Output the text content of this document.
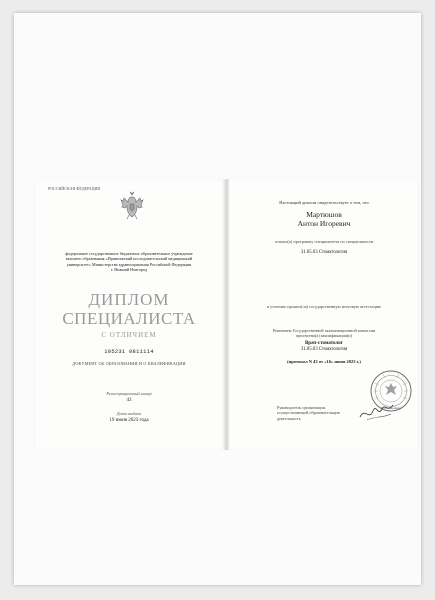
РОССИЙСКАЯ ФЕДЕРАЦИЯ
федеральное государственное бюджетное образовательное учреждение
высшего образования «Приволжский исследовательский медицинский
университет» Министерства здравоохранения Российской Федерации
г. Нижний Новгород
ДИПЛОМ
СПЕЦИАЛИСТА
С ОТЛИЧИЕМ
105231 0811114
ДОКУМЕНТ ОБ ОБРАЗОВАНИИ И О КВАЛИФИКАЦИИ
Регистрационный номер
43
Дата выдачи
19 июня 2023 года
Настоящий диплом свидетельствует о том, что
Мартюшов
Антон Игоревич
освоил(а) программу специалитета по специальности
31.05.03 Стоматология
и успешно прошел(ла) государственную итоговую аттестацию
Решением Государственной экзаменационной комиссии
присвоена(а) квалификация(и)
Врач-стоматолог
31.05.03 Стоматология
(протокол N 43 от «16» июня 2023 г.)
Руководитель организации,
осуществляющей образовательную
деятельность
Н.Н. Карякин
